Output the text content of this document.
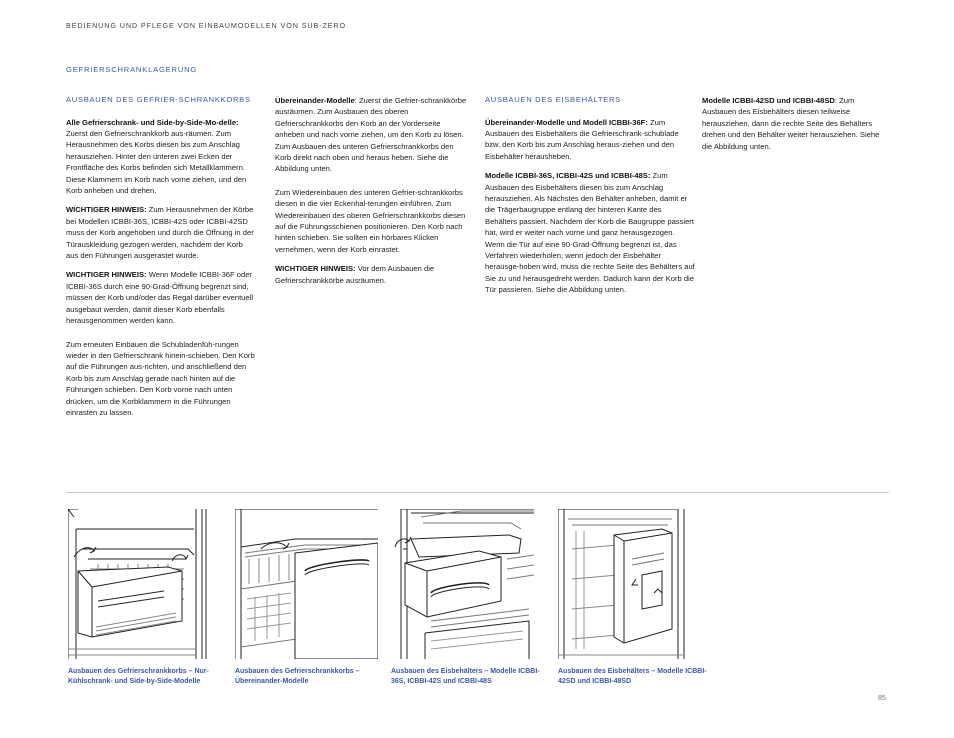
BEDIENUNG UND PFLEGE VON EINBAUMODELLEN VON SUB-ZERO
GEFRIERSCHRANKLAGERUNG
AUSBAUEN DES GEFRIER-SCHRANKKORBS

Alle Gefrierschrank- und Side-by-Side-Mo-delle: Zuerst den Gefrierschrankkorb aus-räumen. Zum Herausnehmen des Korbs diesen bis zum Anschlag herausziehen. Hinter den unteren zwei Ecken der Frontfläche des Korbs befinden sich Metallklammern. Diese Klammern im Korb nach vorne ziehen, und den Korb anheben und drehen.

WICHTIGER HINWEIS: Zum Herausnehmen der Körbe bei Modellen ICBBI-36S, ICBBI-42S oder ICBBI-42SD muss der Korb angehoben und durch die Öffnung in der Türauskleidung gezogen werden, nachdem der Korb aus den Führungen ausgerastet wurde.

WICHTIGER HINWEIS: Wenn Modelle ICBBI-36F oder ICBBI-36S durch eine 90-Grad-Öffnung begrenzt sind, müssen der Korb und/oder das Regal darüber eventuell ausgebaut werden, damit dieser Korb ebenfalls herausgenommen werden kann.

Zum erneuten Einbauen die Schubladenfüh-rungen wieder in den Gefrierschrank hinein-schieben. Den Korb auf die Führungen aus-richten, und anschließend den Korb bis zum Anschlag gerade nach hinten auf die Führungen schieben. Den Korb vorne nach unten drücken, um die Korbklammern in die Führungen einrasten zu lassen.

Übereinander-Modelle: Zuerst die Gefrier-schrankkörbe ausräumen. Zum Ausbauen des oberen Gefrierschrankkorbs den Korb an der Vorderseite anheben und nach vorne ziehen, um den Korb zu lösen. Zum Ausbauen des unteren Gefrierschrankkorbs den Korb direkt nach oben und heraus heben. Siehe die Abbildung unten.

Zum Wiedereinbauen des unteren Gefrier-schrankkorbs diesen in die vier Eckenhal-terungen einführen. Zum Wiedereinbauen des oberen Gefrierschrankkorbs diesen auf die Führungsschienen positionieren. Den Korb nach hinten schieben. Sie sollten ein hörbares Klicken vernehmen, wenn der Korb einrastet.

WICHTIGER HINWEIS: Vor dem Ausbauen die Gefrierschrankkörbe ausräumen.

AUSBAUEN DES EISBEHÄLTERS

Übereinander-Modelle und Modell ICBBI-36F: Zum Ausbauen des Eisbehälters die Gefrierschrank-schublade bzw. den Korb bis zum Anschlag heraus-ziehen und den Eisbehälter herausheben.

Modelle ICBBI-36S, ICBBI-42S und ICBBI-48S: Zum Ausbauen des Eisbehälters diesen bis zum Anschlag herausziehen. Als Nächstes den Behälter anheben, damit er die Trägerbaugruppe entlang der hinteren Kante des Behälters passiert. Nachdem der Korb die Baugruppe passiert hat, wird er weiter nach vorne und ganz herausgezogen. Wenn die Tür auf eine 90-Grad-Öffnung begrenzt ist, das Verfahren wiederholen; wenn jedoch der Eisbehälter herausge-hoben wird, muss die rechte Seite des Behälters auf Sie zu und herausgedreht werden. Dadurch kann der Korb die Tür passieren. Siehe die Abbildung unten.

Modelle ICBBI-42SD und ICBBI-48SD: Zum Ausbauen des Eisbehälters diesen teilweise herausziehen, dann die rechte Seite des Behälters drehen und den Behälter weiter herausziehen. Siehe die Abbildung unten.

Ausbauen des Gefrierschrankkorbs – Nur-Kühlschrank- und Side-by-Side-Modelle
Ausbauen des Gefrierschrankkorbs – Übereinander-Modelle
Ausbauen des Eisbehälters – Modelle ICBBI-36S, ICBBI-42S und ICBBI-48S
Ausbauen des Eisbehälters – Modelle ICBBI-42SD und ICBBI-48SD
85
